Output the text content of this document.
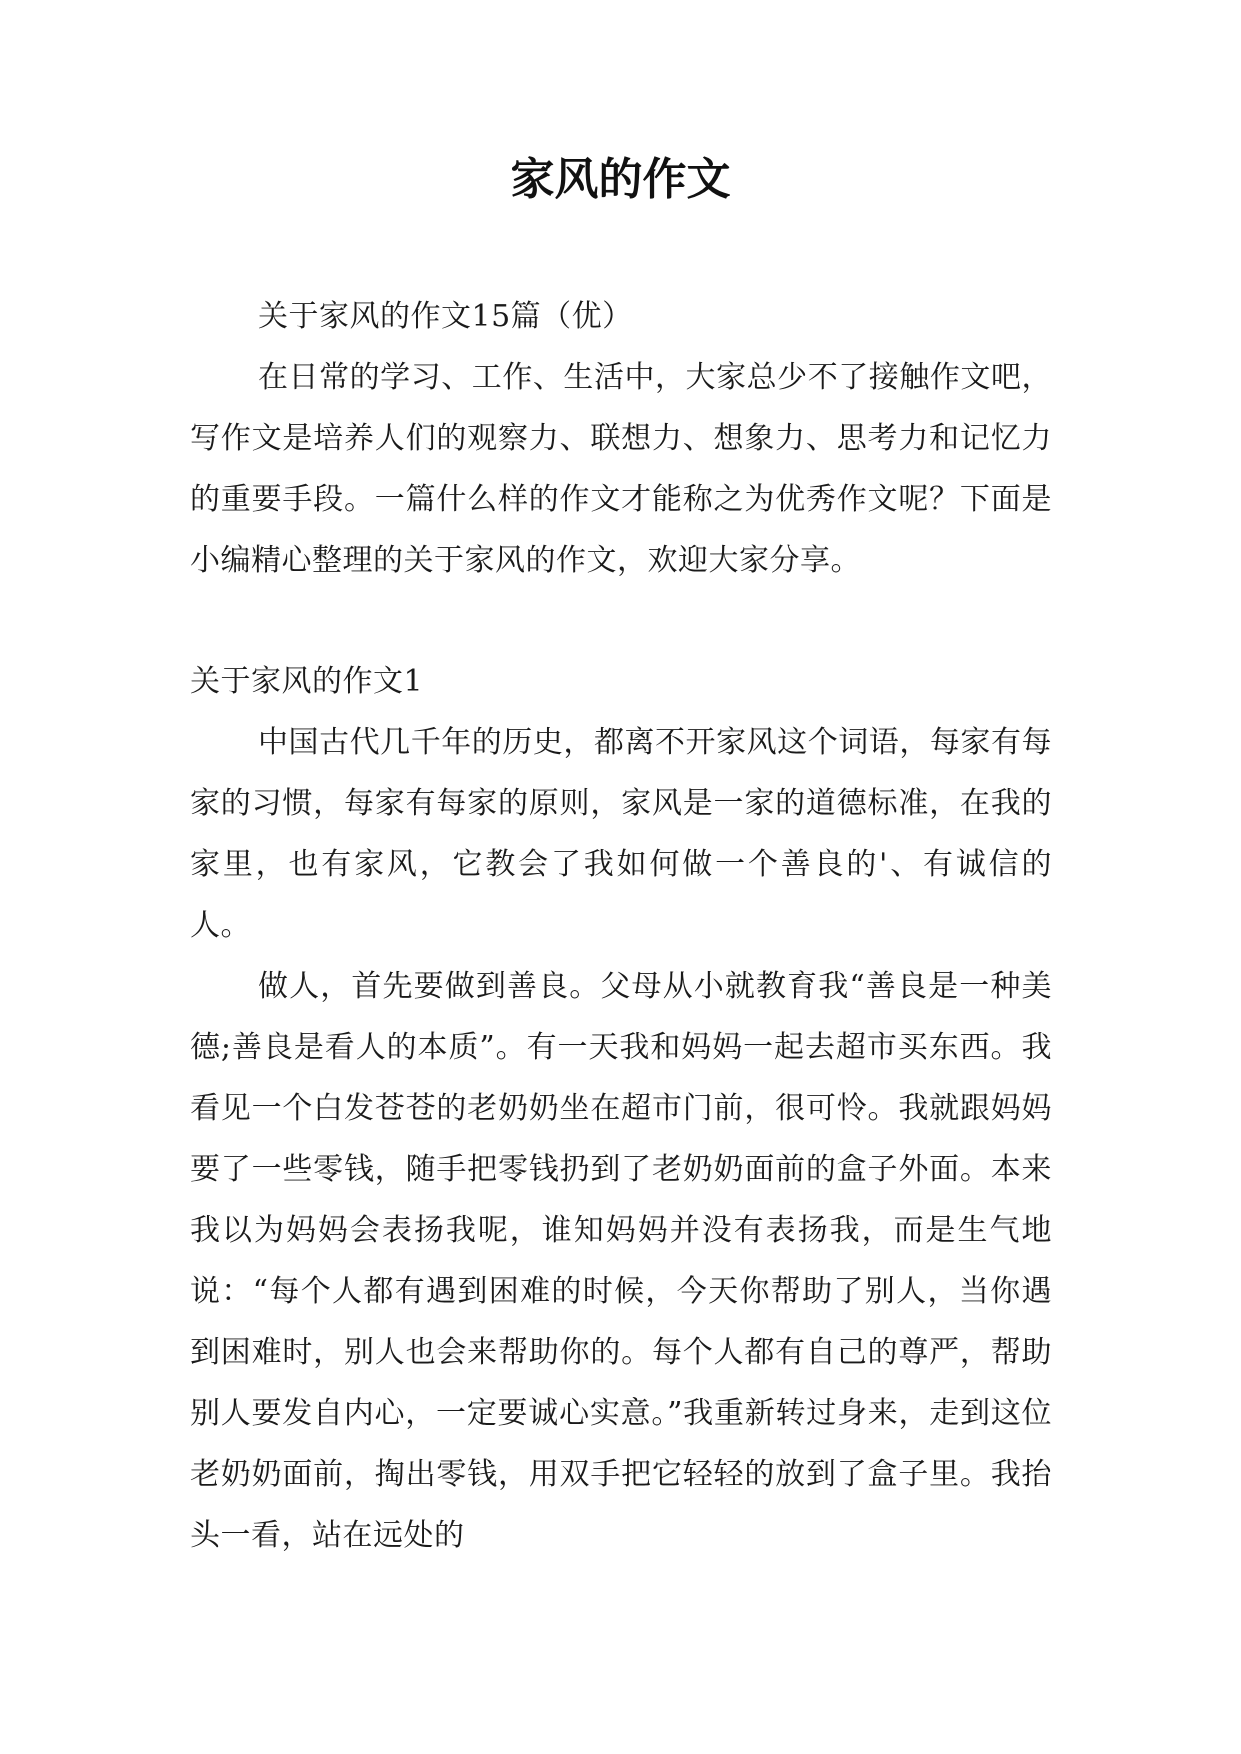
家风的作文

关于家风的作文15篇（优）

在日常的学习、工作、生活中，大家总少不了接触作文吧，写作文是培养人们的观察力、联想力、想象力、思考力和记忆力的重要手段。一篇什么样的作文才能称之为优秀作文呢？下面是小编精心整理的关于家风的作文，欢迎大家分享。

关于家风的作文1

中国古代几千年的历史，都离不开家风这个词语，每家有每家的习惯，每家有每家的原则，家风是一家的道德标准，在我的家里，也有家风，它教会了我如何做一个善良的'、有诚信的人。

做人，首先要做到善良。父母从小就教育我“善良是一种美德;善良是看人的本质”。有一天我和妈妈一起去超市买东西。我看见一个白发苍苍的老奶奶坐在超市门前，很可怜。我就跟妈妈要了一些零钱，随手把零钱扔到了老奶奶面前的盒子外面。本来我以为妈妈会表扬我呢，谁知妈妈并没有表扬我，而是生气地说：“每个人都有遇到困难的时候，今天你帮助了别人，当你遇到困难时，别人也会来帮助你的。每个人都有自己的尊严，帮助别人要发自内心，一定要诚心实意。”我重新转过身来，走到这位老奶奶面前，掏出零钱，用双手把它轻轻的放到了盒子里。我抬头一看，站在远处的
